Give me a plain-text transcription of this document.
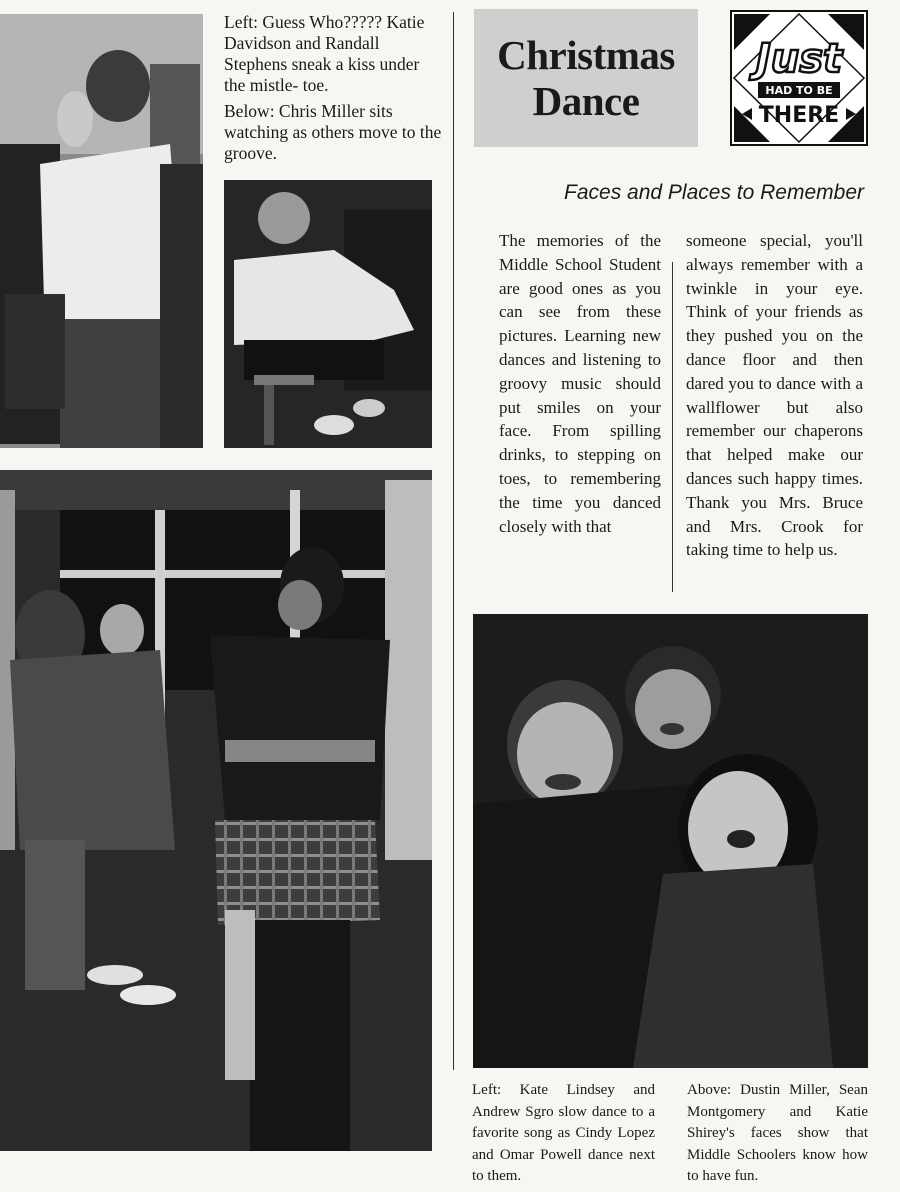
Left: Guess Who????? Katie Davidson and Randall Stephens sneak a kiss under the mistle- toe.

Below: Chris Miller sits watching as others move to the groove.

Christmas
Dance
Just
HAD TO BE
THERE
Faces and Places to Remember
The memories of the Middle School Student are good ones as you can see from these pictures. Learning new dances and listening to groovy music should put smiles on your face. From spilling drinks, to stepping on toes, to remembering the time you danced closely with that
someone special, you'll always remember with a twinkle in your eye. Think of your friends as they pushed you on the dance floor and then dared you to dance with a wallflower but also remember our chaperons that helped make our dances such happy times. Thank you Mrs. Bruce and Mrs. Crook for taking time to help us.
Left: Kate Lindsey and Andrew Sgro slow dance to a favorite song as Cindy Lopez and Omar Powell dance next to them.
Above: Dustin Miller, Sean Montgomery and Katie Shirey's faces show that Middle Schoolers know how to have fun.
